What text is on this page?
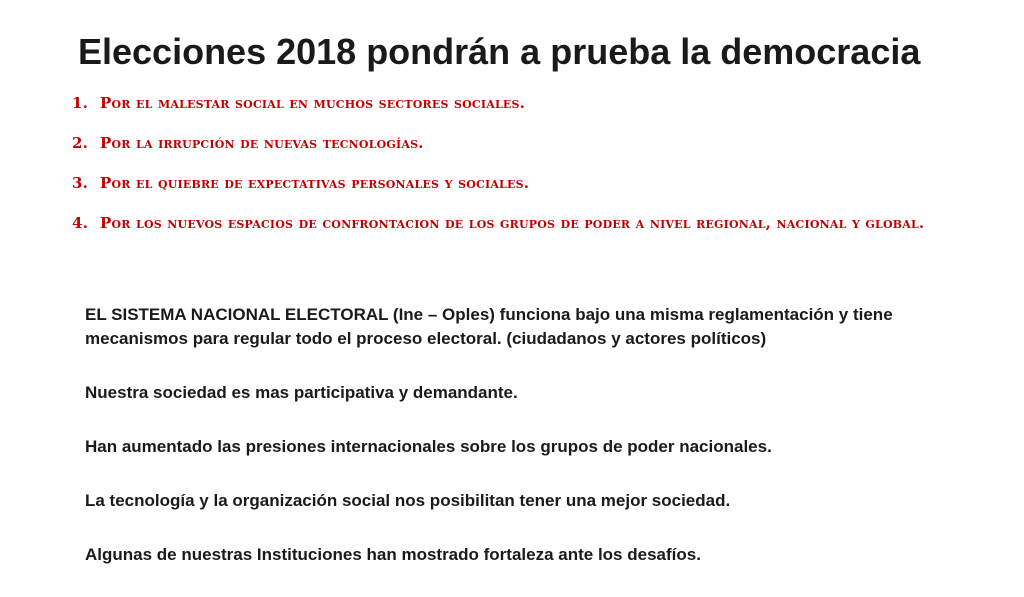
Elecciones 2018 pondrán a prueba la democracia
1. Por el malestar social en muchos sectores sociales.
2. Por la irrupción de nuevas tecnologías.
3. Por el quiebre de expectativas personales y sociales.
4. Por los nuevos espacios de confrontacion de los grupos de poder a nivel regional, nacional y global.

EL SISTEMA NACIONAL ELECTORAL (Ine – Oples) funciona bajo una misma reglamentación y tiene mecanismos para regular todo el proceso electoral. (ciudadanos y actores políticos)

Nuestra sociedad es mas participativa y demandante.

Han aumentado las presiones internacionales sobre los grupos de poder nacionales.

La tecnología y la organización social nos posibilitan tener una mejor sociedad.

Algunas de nuestras Instituciones han mostrado fortaleza ante los desafíos.
